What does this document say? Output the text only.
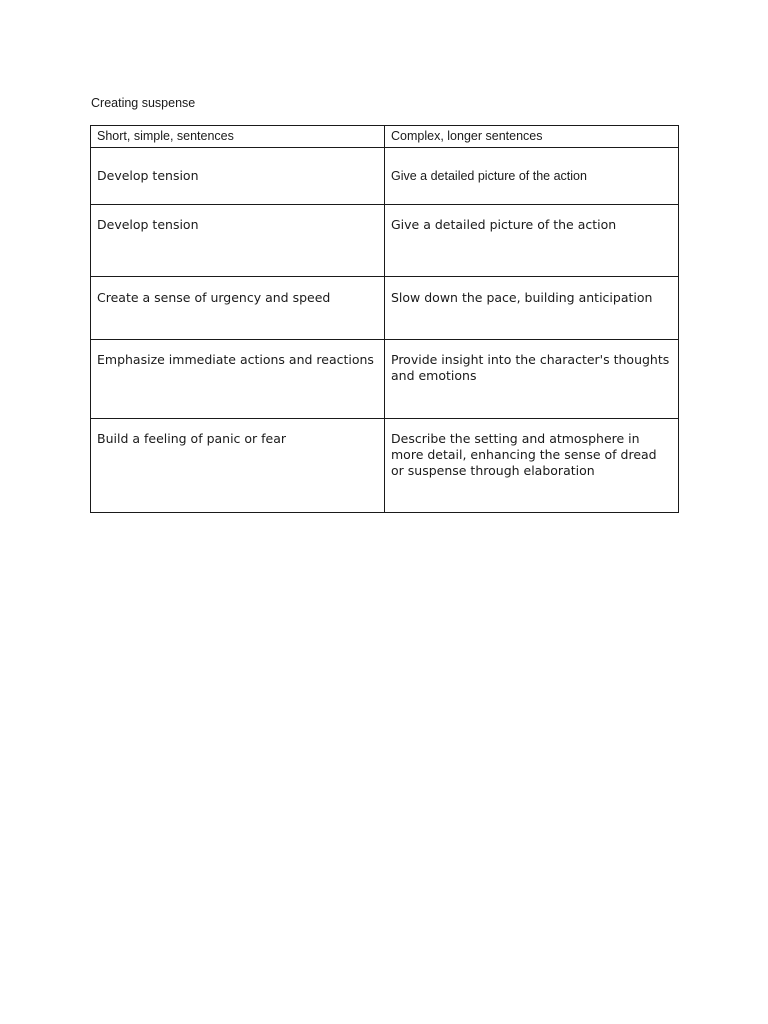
Creating suspense
Short, simple, sentences	Complex, longer sentences
Develop tension	Give a detailed picture of the action
Develop tension	Give a detailed picture of the action
Create a sense of urgency and speed	Slow down the pace, building anticipation
Emphasize immediate actions and reactions	Provide insight into the character's thoughts and emotions
Build a feeling of panic or fear	Describe the setting and atmosphere in more detail, enhancing the sense of dread or suspense through elaboration
